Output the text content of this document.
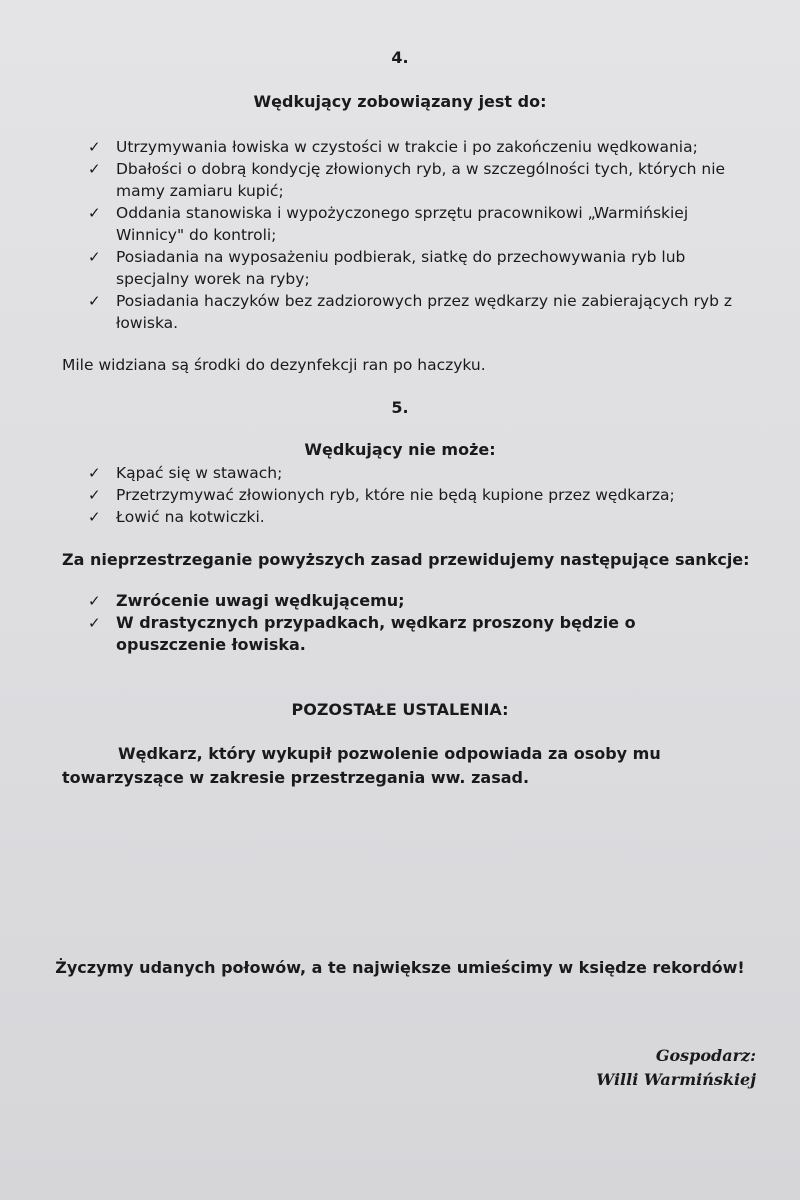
4.
Wędkujący zobowiązany jest do:
✓ Utrzymywania łowiska w czystości w trakcie i po zakończeniu wędkowania;
✓ Dbałości o dobrą kondycję złowionych ryb, a w szczególności tych, których nie mamy zamiaru kupić;
✓ Oddania stanowiska i wypożyczonego sprzętu pracownikowi „Warmińskiej Winnicy" do kontroli;
✓ Posiadania na wyposażeniu podbierak, siatkę do przechowywania ryb lub specjalny worek na ryby;
✓ Posiadania haczyków bez zadziorowych przez wędkarzy nie zabierających ryb z łowiska.
Mile widziana są środki do dezynfekcji ran po haczyku.
5.
Wędkujący nie może:
✓ Kąpać się w stawach;
✓ Przetrzymywać złowionych ryb, które nie będą kupione przez wędkarza;
✓ Łowić na kotwiczki.
Za nieprzestrzeganie powyższych zasad przewidujemy następujące sankcje:
✓ Zwrócenie uwagi wędkującemu;
✓ W drastycznych przypadkach, wędkarz proszony będzie o opuszczenie łowiska.
POZOSTAŁE USTALENIA:
Wędkarz, który wykupił pozwolenie odpowiada za osoby mu towarzyszące w zakresie przestrzegania ww. zasad.
Życzymy udanych połowów, a te największe umieścimy w księdze rekordów!
Gospodarz:
Willi Warmińskiej
